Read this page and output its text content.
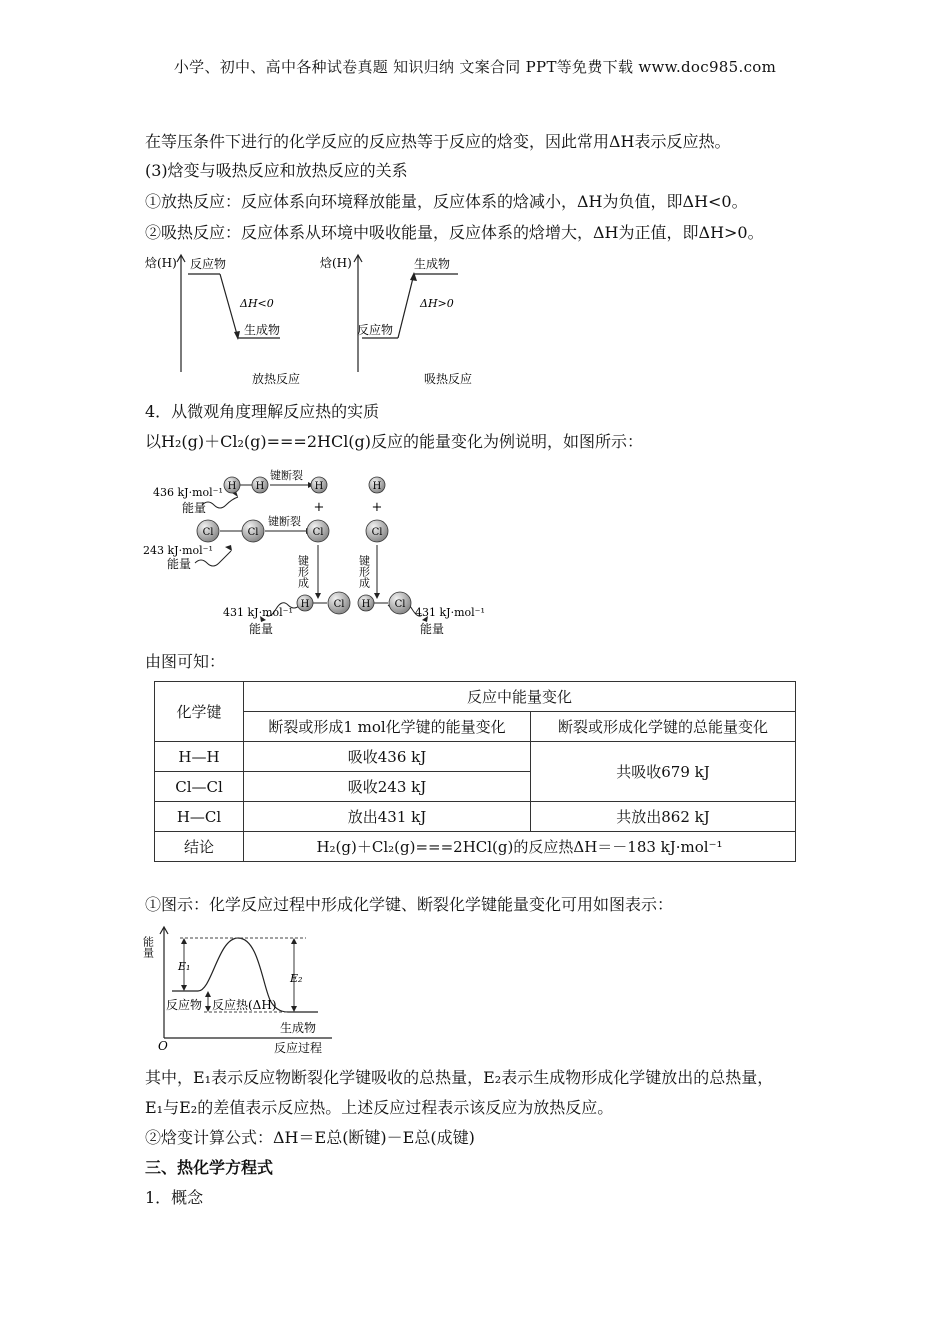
小学、初中、高中各种试卷真题 知识归纳 文案合同 PPT等免费下载 www.doc985.com
在等压条件下进行的化学反应的反应热等于反应的焓变，因此常用ΔH表示反应热。
(3)焓变与吸热反应和放热反应的关系
①放热反应：反应体系向环境释放能量，反应体系的焓减小，ΔH为负值，即ΔH<0。
②吸热反应：反应体系从环境中吸收能量，反应体系的焓增大，ΔH为正值，即ΔH>0。
焓(H) 反应物
ΔH<0
生成物
放热反应
焓(H)	生成物
ΔH>0
反应物
吸热反应
4．从微观角度理解反应热的实质
以H₂(g)＋Cl₂(g)===2HCl(g)反应的能量变化为例说明，如图所示：
H H	H	H
Cl	Cl	Cl	Cl
H Cl H Cl
+	+
键断裂
键断裂
键形成	键形成
436 kJ·mol⁻¹
能量
243 kJ·mol⁻¹
能量
431 kJ·mol⁻¹
能量
431 kJ·mol⁻¹
能量
由图可知：
化学键	反应中能量变化	
	断裂或形成1 mol化学键的能量变化	断裂或形成化学键的总能量变化
H—H	吸收436 kJ	共吸收679 kJ
Cl—Cl	吸收243 kJ	
H—Cl	放出431 kJ	共放出862 kJ
结论	H₂(g)＋Cl₂(g)===2HCl(g)的反应热ΔH＝－183 kJ·mol⁻¹	
①图示：化学反应过程中形成化学键、断裂化学键能量变化可用如图表示：
能量
E₁
E₂
反应物 反应热(ΔH)
生成物
O	反应过程
其中，E₁表示反应物断裂化学键吸收的总热量，E₂表示生成物形成化学键放出的总热量，
E₁与E₂的差值表示反应热。上述反应过程表示该反应为放热反应。
②焓变计算公式：ΔH＝E总(断键)－E总(成键)
三、热化学方程式
1．概念
